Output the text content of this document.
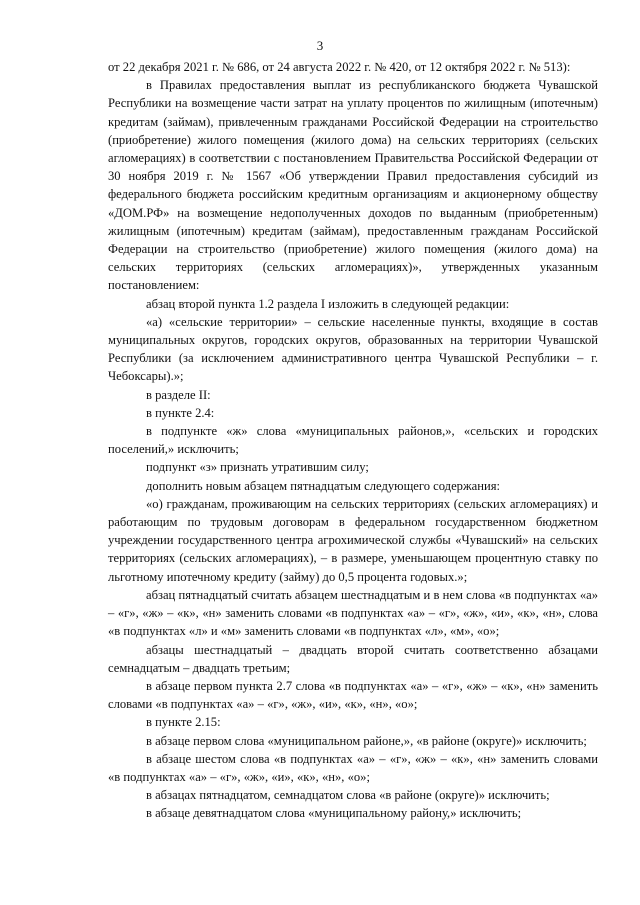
3

от 22 декабря 2021 г. № 686, от 24 августа 2022 г. № 420, от 12 октября 2022 г. № 513):

в Правилах предоставления выплат из республиканского бюджета Чувашской Республики на возмещение части затрат на уплату процентов по жилищным (ипотечным) кредитам (займам), привлеченным гражданами Российской Федерации на строительство (приобретение) жилого помещения (жилого дома) на сельских территориях (сельских агломерациях) в соответствии с постановлением Правительства Российской Федерации от 30 ноября 2019 г. № 1567 «Об утверждении Правил предоставления субсидий из федерального бюджета российским кредитным организациям и акционерному обществу «ДОМ.РФ» на возмещение недополученных доходов по выданным (приобретенным) жилищным (ипотечным) кредитам (займам), предоставленным гражданам Российской Федерации на строительство (приобретение) жилого помещения (жилого дома) на сельских территориях (сельских агломерациях)», утвержденных указанным постановлением:

абзац второй пункта 1.2 раздела I изложить в следующей редакции:

«а) «сельские территории» – сельские населенные пункты, входящие в состав муниципальных округов, городских округов, образованных на территории Чувашской Республики (за исключением административного центра Чувашской Республики – г. Чебоксары).»;

в разделе II:

в пункте 2.4:

в подпункте «ж» слова «муниципальных районов,», «сельских и городских поселений,» исключить;

подпункт «з» признать утратившим силу;

дополнить новым абзацем пятнадцатым следующего содержания:

«о) гражданам, проживающим на сельских территориях (сельских агломерациях) и работающим по трудовым договорам в федеральном государственном бюджетном учреждении государственного центра агрохимической службы «Чувашский» на сельских территориях (сельских агломерациях), – в размере, уменьшающем процентную ставку по льготному ипотечному кредиту (займу) до 0,5 процента годовых.»;

абзац пятнадцатый считать абзацем шестнадцатым и в нем слова «в подпунктах «а» – «г», «ж» – «к», «н» заменить словами «в подпунктах «а» – «г», «ж», «и», «к», «н», слова «в подпунктах «л» и «м» заменить словами «в подпунктах «л», «м», «о»;

абзацы шестнадцатый – двадцать второй считать соответственно абзацами семнадцатым – двадцать третьим;

в абзаце первом пункта 2.7 слова «в подпунктах «а» – «г», «ж» – «к», «н» заменить словами «в подпунктах «а» – «г», «ж», «и», «к», «н», «о»;

в пункте 2.15:

в абзаце первом слова «муниципальном районе,», «в районе (округе)» исключить;

в абзаце шестом слова «в подпунктах «а» – «г», «ж» – «к», «н» заменить словами «в подпунктах «а» – «г», «ж», «и», «к», «н», «о»;

в абзацах пятнадцатом, семнадцатом слова «в районе (округе)» исключить;

в абзаце девятнадцатом слова «муниципальному району,» исключить;
